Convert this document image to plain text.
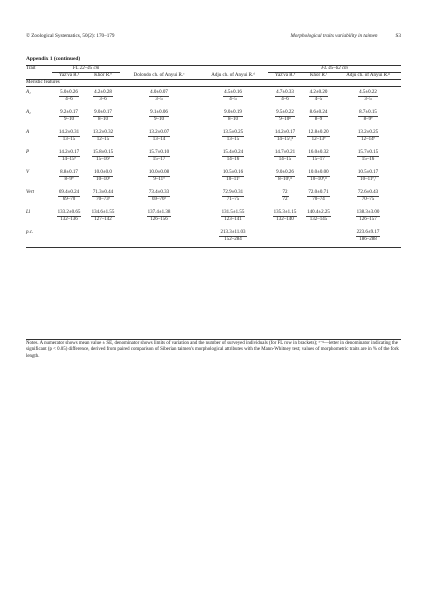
© Zoological Systematics, 50(2): 170–179	Morphological traits variability in taimen	S3
Appendix 1 (continued)
Trait	FL 22–45 cm				FL 45–62 cm		
	Yaz'va R.ᵃ	Khor R.ᵇ	Dolondo ch. of Anyui R.ᶜ	Adju ch. of Anyui R.ᵈ	Yaz'va R.ᵉ	Khor R.ᶠ	Adju ch. of Anyui R.ᵍ
Meristic features							
A₁	$\frac{5.0\pm 0.26}{4-6}$	$\frac{4.2\pm 0.28}{3-6}$	$\frac{4.0\pm 0.07}{3-5}$	$\frac{4.5\pm 0.16}{4-5}$	$\frac{4.7\pm 0.33}{4-6}$	$\frac{4.2\pm 0.20}{4-5}$	$\frac{4.5\pm 0.22}{3-5}$

A₂	$\frac{9.2\pm 0.17}{9-10}$	$\frac{9.0\pm 0.17}{8-10}$	$\frac{9.1\pm 0.06}{9-10}$	$\frac{9.0\pm 0.19}{8-10}$	$\frac{9.5\pm 0.22}{\text{9–10ᵍ}}$	$\frac{8.6\pm 0.24}{8-9}$	$\frac{8.7\pm 0.15}{\text{8–9ᵉ}}$

A	$\frac{14.2\pm 0.31}{13-15}$	$\frac{13.2\pm 0.32}{12-15}$	$\frac{13.2\pm 0.07}{13-14}$	$\frac{13.5\pm 0.25}{13-15}$	$\frac{14.2\pm 0.17}{\text{14–15ᶠ,ᵍ}}$	$\frac{12.8\pm 0.20}{\text{12–13ᵉ}}$	$\frac{13.2\pm 0.25}{\text{12–14ᵉ}}$

P	$\frac{14.2\pm 0.17}{\text{14–15ᵇ}}$	$\frac{15.8\pm 0.15}{\text{15–16ᵃ}}$	$\frac{15.7\pm 0.10}{15-17}$	$\frac{15.4\pm 0.24}{14-16}$	$\frac{14.7\pm 0.21}{14-15}$	$\frac{16.0\pm 0.32}{15-17}$	$\frac{15.7\pm 0.15}{15-16}$

V	$\frac{8.8\pm 0.17}{\text{8–9ᵇ}}$	$\frac{10.0\pm 0.0}{\text{10–10ᵃ}}$	$\frac{10.0\pm 0.08}{\text{9–11ᵈ}}$	$\frac{10.5\pm 0.16}{\text{10–11ᶜ}}$	$\frac{9.0\pm 0.26}{\text{8–10ᶠ,ᵍ}}$	$\frac{10.0\pm 0.00}{\text{10–10ᵉ,ᵍ}}$	$\frac{10.5\pm 0.17}{\text{10–11ᵉ,ᶠ}}$

Vert	$\frac{69.4\pm 0.24}{69-70}$	$\frac{71.3\pm 0.44}{\text{70–73ᵃ}}$	$\frac{73.4\pm 0.33}{\text{69–76ᵈ}}$	$\frac{72.9\pm 0.31}{71-75}$	$\frac{72}{72}$	$\frac{72.0\pm 0.71}{70-74}$	$\frac{72.6\pm 0.43}{70-75}$

Ll	$\frac{133.2\pm 0.65}{132-136}$	$\frac{134.6\pm 1.55}{127-142}$	$\frac{137.4\pm 1.38}{126-156}$	$\frac{131.5\pm 1.55}{123-141}$	$\frac{135.3\pm 1.15}{132-140}$	$\frac{140.4\pm 2.25}{132-145}$	$\frac{138.3\pm 3.00}{126-157}$

p.c.				$\frac{213.3\pm 11.03}{152-284}$			$\frac{223.6\pm 9.17}{186-288}$
Notes. A numerator shows mean value ± SE, denominator shows limits of variation and the number of surveyed individuals (for FL row in brackets); ᵃ⁻ᵍ—letter in denominator indicating the significant (p < 0.05) difference, derived from paired comparison of Siberian taimen's morphological attributes with the Mann-Whitney test; values of morphometric traits are in % of the fork length.
